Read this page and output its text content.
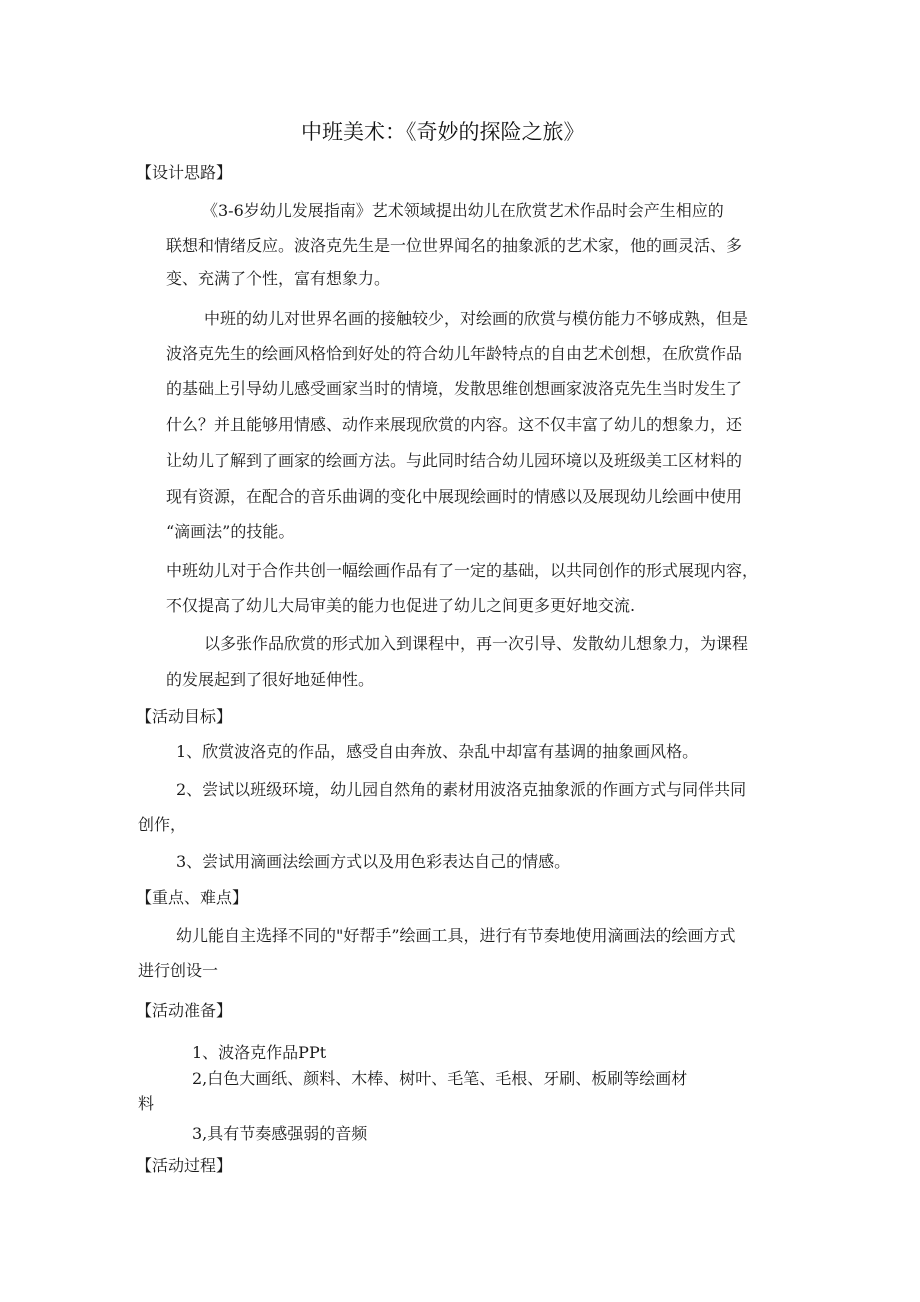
中班美术：《奇妙的探险之旅》
【设计思路】
《3-6岁幼儿发展指南》艺术领域提出幼儿在欣赏艺术作品时会产生相应的
联想和情绪反应。波洛克先生是一位世界闻名的抽象派的艺术家，他的画灵活、多
变、充满了个性，富有想象力。
中班的幼儿对世界名画的接触较少，对绘画的欣赏与模仿能力不够成熟，但是
波洛克先生的绘画风格恰到好处的符合幼儿年龄特点的自由艺术创想，在欣赏作品
的基础上引导幼儿感受画家当时的情境，发散思维创想画家波洛克先生当时发生了
什么？并且能够用情感、动作来展现欣赏的内容。这不仅丰富了幼儿的想象力，还
让幼儿了解到了画家的绘画方法。与此同时结合幼儿园环境以及班级美工区材料的
现有资源，在配合的音乐曲调的变化中展现绘画时的情感以及展现幼儿绘画中使用
“滴画法”的技能。
中班幼儿对于合作共创一幅绘画作品有了一定的基础，以共同创作的形式展现内容，
不仅提高了幼儿大局审美的能力也促进了幼儿之间更多更好地交流.
以多张作品欣赏的形式加入到课程中，再一次引导、发散幼儿想象力，为课程
的发展起到了很好地延伸性。
【活动目标】
1、欣赏波洛克的作品，感受自由奔放、杂乱中却富有基调的抽象画风格。
2、尝试以班级环境，幼儿园自然角的素材用波洛克抽象派的作画方式与同伴共同
创作，
3、尝试用滴画法绘画方式以及用色彩表达自己的情感。
【重点、难点】
幼儿能自主选择不同的"好帮手”绘画工具，进行有节奏地使用滴画法的绘画方式
进行创设一
【活动准备】
1、波洛克作品PPt
2,白色大画纸、颜料、木棒、树叶、毛笔、毛根、牙刷、板刷等绘画材
料
3,具有节奏感强弱的音频
【活动过程】
